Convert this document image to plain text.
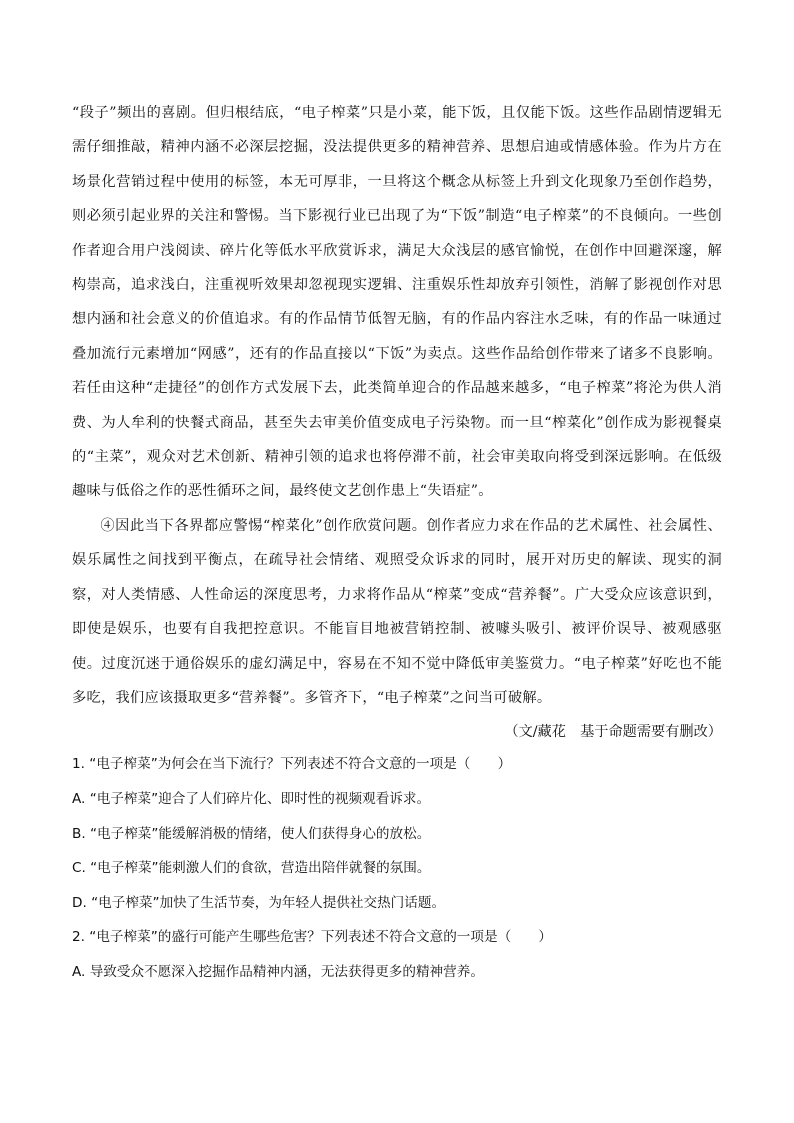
“段子”频出的喜剧。但归根结底，“电子榨菜”只是小菜，能下饭，且仅能下饭。这些作品剧情逻辑无需仔细推敲，精神内涵不必深层挖掘，没法提供更多的精神营养、思想启迪或情感体验。作为片方在场景化营销过程中使用的标签，本无可厚非，一旦将这个概念从标签上升到文化现象乃至创作趋势，则必须引起业界的关注和警惕。当下影视行业已出现了为“下饭”制造“电子榨菜”的不良倾向。一些创作者迎合用户浅阅读、碎片化等低水平欣赏诉求，满足大众浅层的感官愉悦，在创作中回避深邃，解构崇高，追求浅白，注重视听效果却忽视现实逻辑、注重娱乐性却放弃引领性，消解了影视创作对思想内涵和社会意义的价值追求。有的作品情节低智无脑，有的作品内容注水乏味，有的作品一味通过叠加流行元素增加“网感”，还有的作品直接以“下饭”为卖点。这些作品给创作带来了诸多不良影响。若任由这种“走捷径”的创作方式发展下去，此类简单迎合的作品越来越多，“电子榨菜”将沦为供人消费、为人牟利的快餐式商品，甚至失去审美价值变成电子污染物。而一旦“榨菜化”创作成为影视餐桌的“主菜”，观众对艺术创新、精神引领的追求也将停滞不前，社会审美取向将受到深远影响。在低级趣味与低俗之作的恶性循环之间，最终使文艺创作患上“失语症”。

④因此当下各界都应警惕“榨菜化”创作欣赏问题。创作者应力求在作品的艺术属性、社会属性、娱乐属性之间找到平衡点，在疏导社会情绪、观照受众诉求的同时，展开对历史的解读、现实的洞察，对人类情感、人性命运的深度思考，力求将作品从“榨菜”变成“营养餐”。广大受众应该意识到，即使是娱乐，也要有自我把控意识。不能盲目地被营销控制、被噱头吸引、被评价误导、被观感驱使。过度沉迷于通俗娱乐的虚幻满足中，容易在不知不觉中降低审美鉴赏力。“电子榨菜”好吃也不能多吃，我们应该摄取更多“营养餐”。多管齐下，“电子榨菜”之问当可破解。

（文/藏花　基于命题需要有删改）

1. “电子榨菜”为何会在当下流行？下列表述不符合文意的一项是（　　）

A. “电子榨菜”迎合了人们碎片化、即时性的视频观看诉求。

B. “电子榨菜”能缓解消极的情绪，使人们获得身心的放松。

C. “电子榨菜”能刺激人们的食欲，营造出陪伴就餐的氛围。

D. “电子榨菜”加快了生活节奏，为年轻人提供社交热门话题。

2. “电子榨菜”的盛行可能产生哪些危害？下列表述不符合文意的一项是（　　）

A. 导致受众不愿深入挖掘作品精神内涵，无法获得更多的精神营养。
